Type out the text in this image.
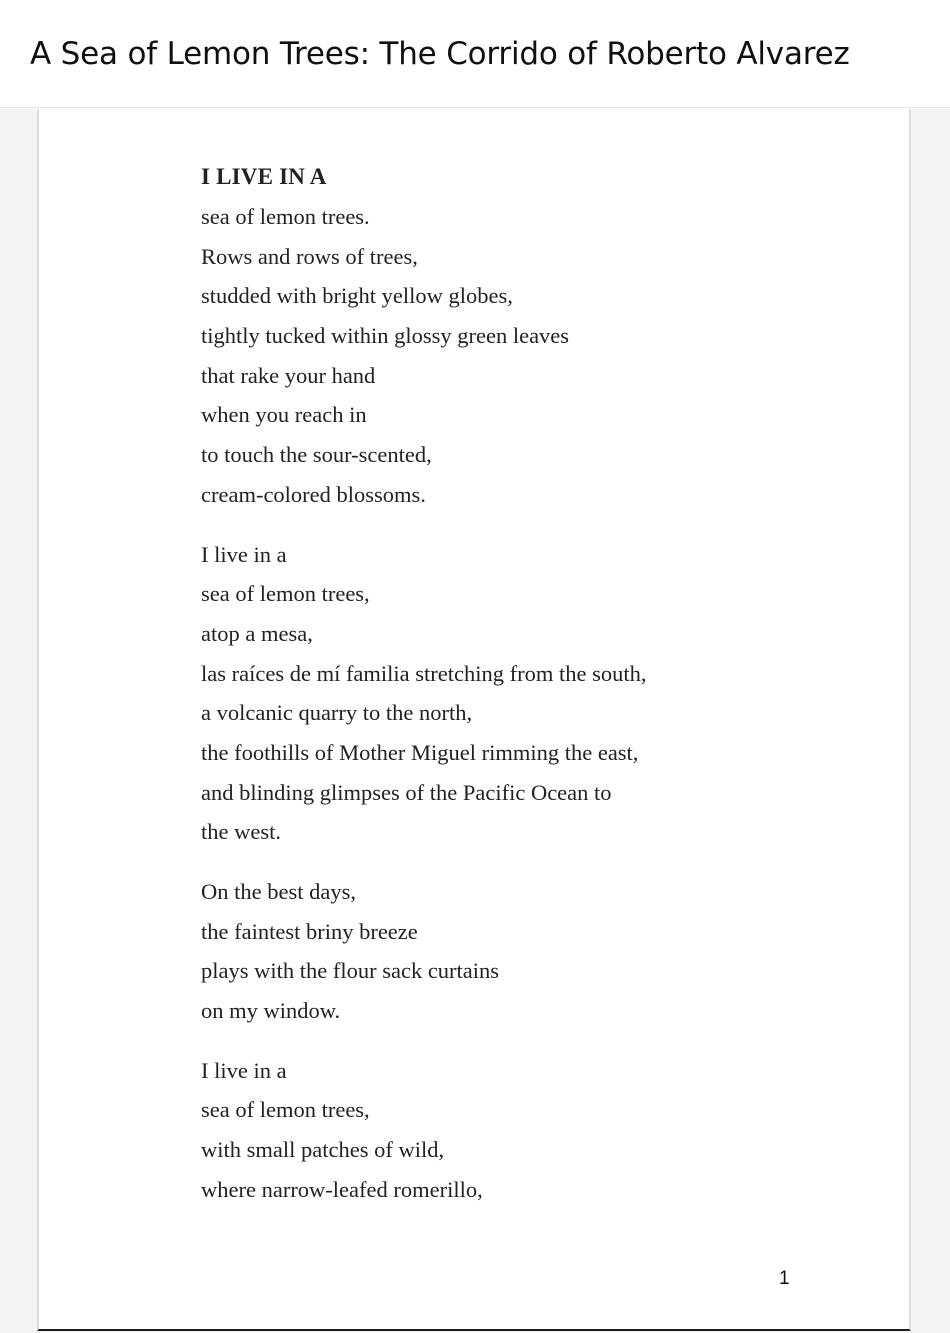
A Sea of Lemon Trees: The Corrido of Roberto Alvarez
I LIVE IN A
sea of lemon trees.
Rows and rows of trees,
studded with bright yellow globes,
tightly tucked within glossy green leaves
that rake your hand
when you reach in
to touch the sour-scented,
cream-colored blossoms.
I live in a
sea of lemon trees,
atop a mesa,
las raíces de mí familia stretching from the south,
a volcanic quarry to the north,
the foothills of Mother Miguel rimming the east,
and blinding glimpses of the Pacific Ocean to
the west.
On the best days,
the faintest briny breeze
plays with the flour sack curtains
on my window.
I live in a
sea of lemon trees,
with small patches of wild,
where narrow-leafed romerillo,
1
